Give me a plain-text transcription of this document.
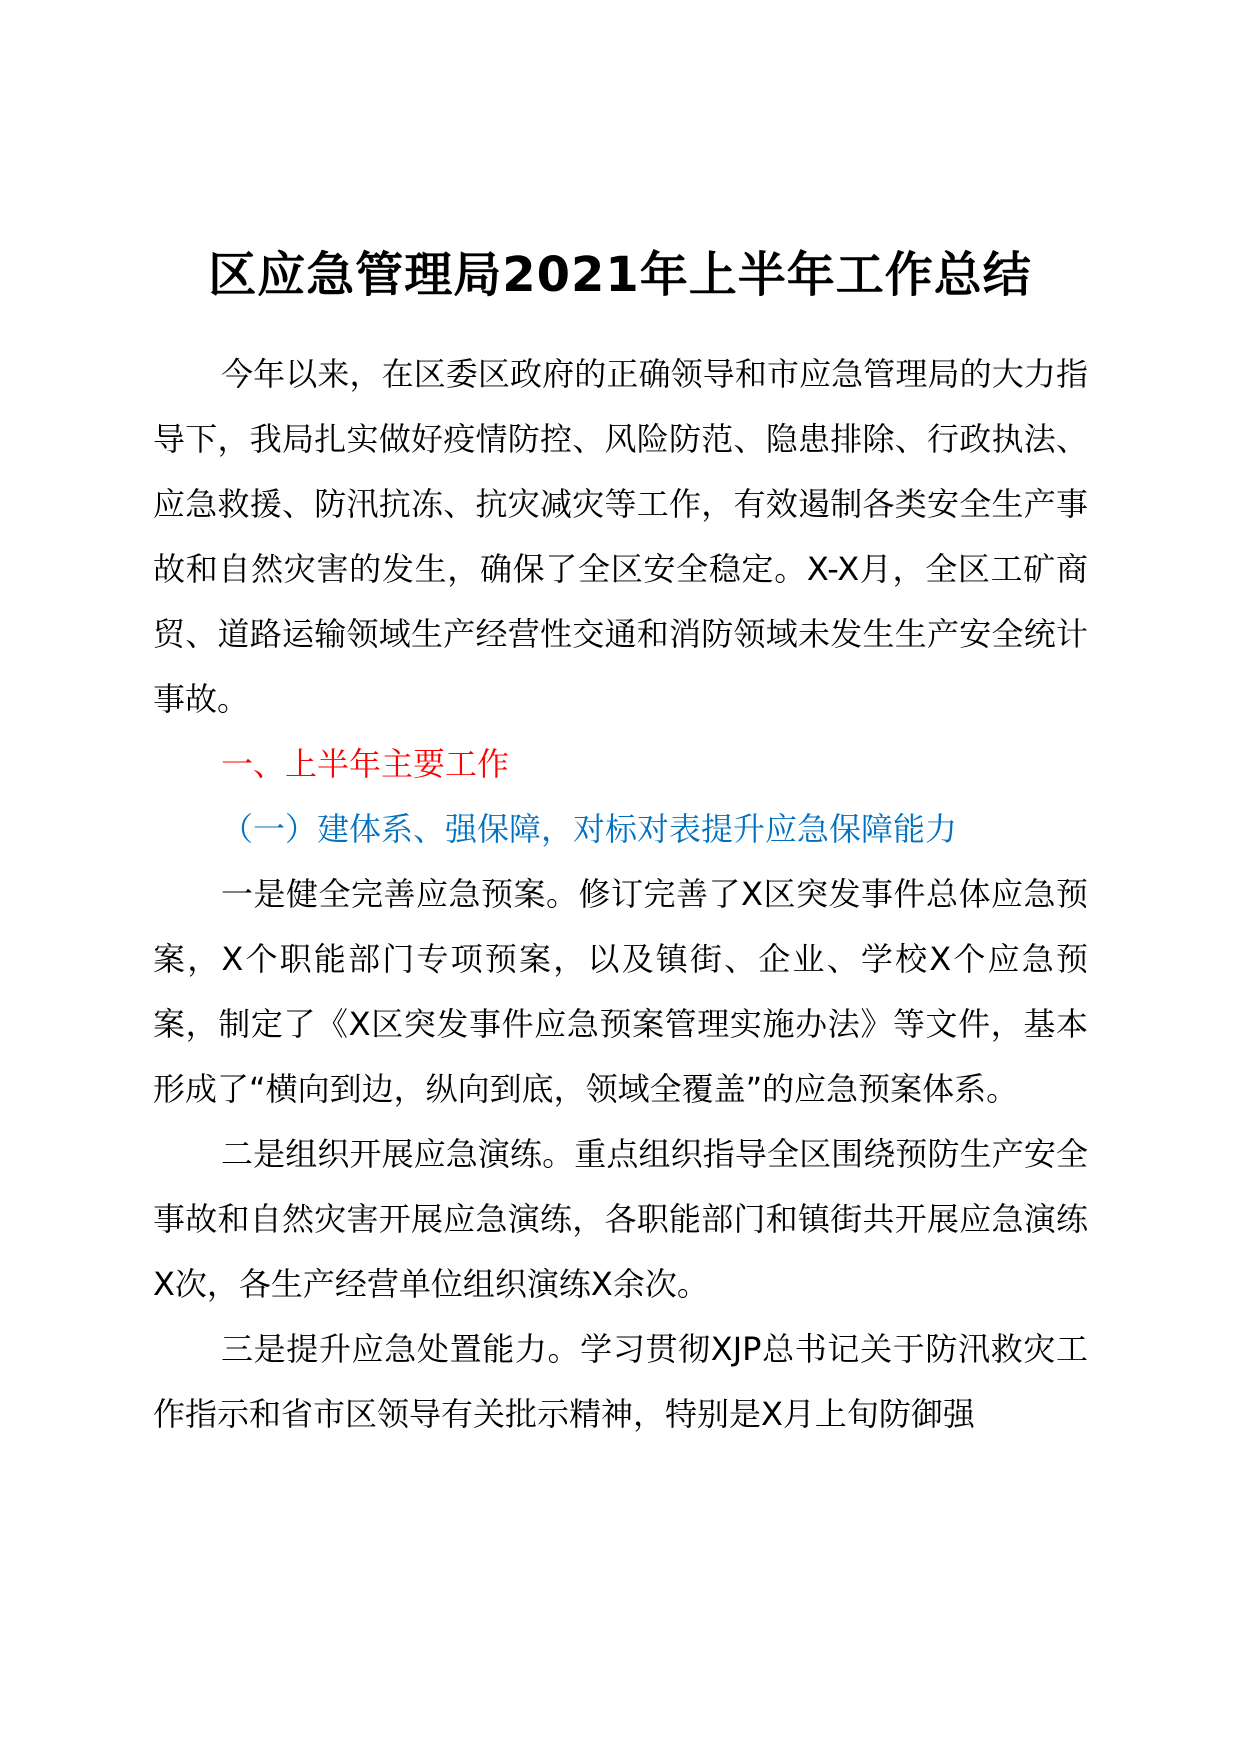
区应急管理局2021年上半年工作总结

今年以来，在区委区政府的正确领导和市应急管理局的大力指导下，我局扎实做好疫情防控、风险防范、隐患排除、行政执法、应急救援、防汛抗冻、抗灾减灾等工作，有效遏制各类安全生产事故和自然灾害的发生，确保了全区安全稳定。X-X月，全区工矿商贸、道路运输领域生产经营性交通和消防领域未发生生产安全统计事故。

一、上半年主要工作

（一）建体系、强保障，对标对表提升应急保障能力

一是健全完善应急预案。修订完善了X区突发事件总体应急预案，X个职能部门专项预案，以及镇街、企业、学校X个应急预案，制定了《X区突发事件应急预案管理实施办法》等文件，基本形成了“横向到边，纵向到底，领域全覆盖”的应急预案体系。

二是组织开展应急演练。重点组织指导全区围绕预防生产安全事故和自然灾害开展应急演练，各职能部门和镇街共开展应急演练X次，各生产经营单位组织演练X余次。

三是提升应急处置能力。学习贯彻XJP总书记关于防汛救灾工作指示和省市区领导有关批示精神，特别是X月上旬防御强
